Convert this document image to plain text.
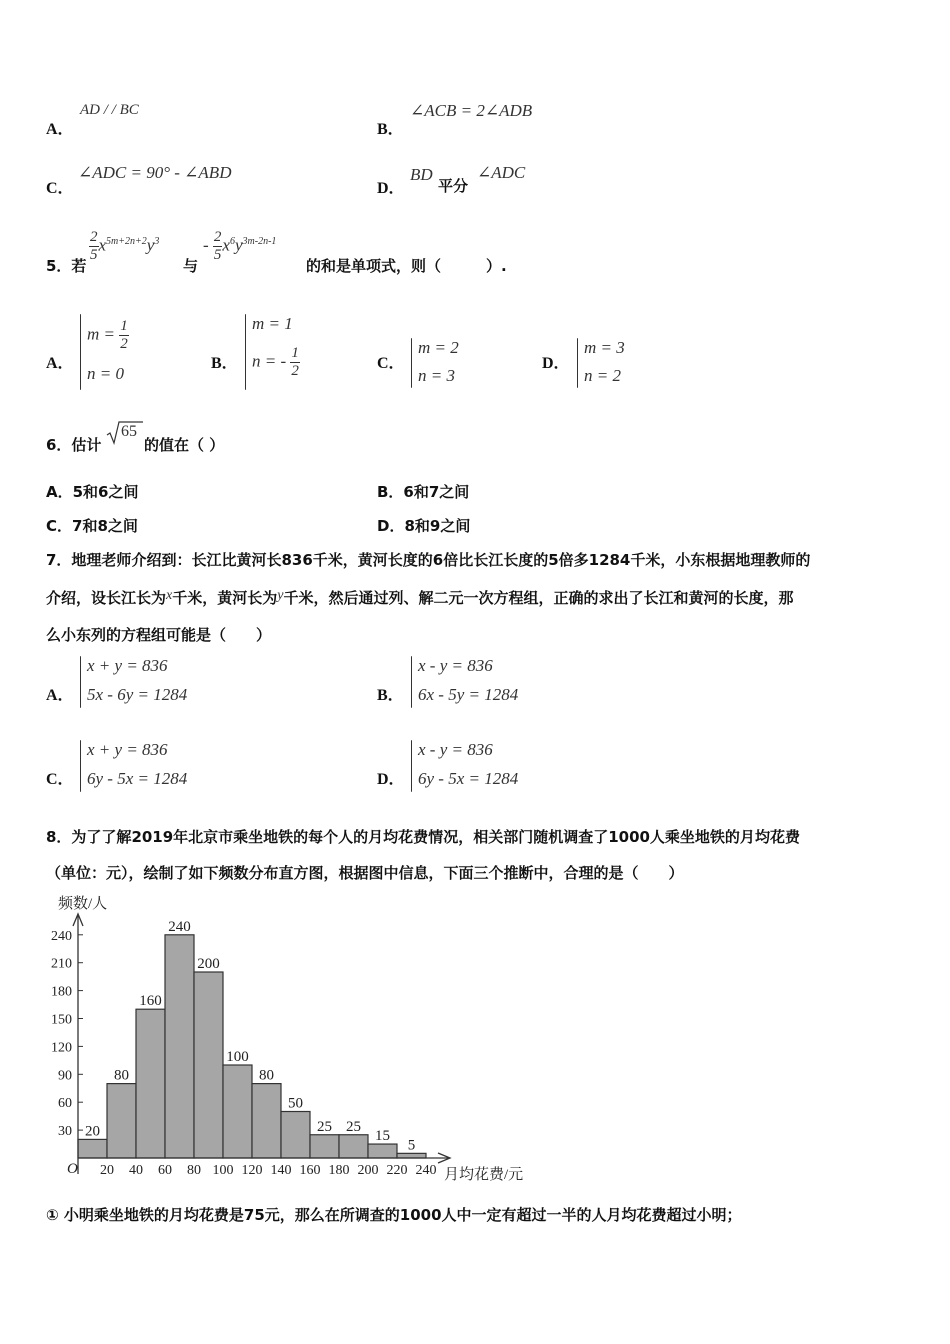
A．
AD / / BC
B．
∠ACB = 2∠ADB
C．
∠ADC = 90° - ∠ABD
D．
BD
平分
∠ADC
5．若
$\frac{2}{5} x^{5m+2n+2}y^3$
与
- $\frac{2}{5} x^6y^{3m-2n-1}$
的和是单项式，则（　　　）.
A．
$m = \frac{1}{2}$
n = 0
B．
m = 1
n = - $\frac{1}{2}$	C．
m = 2
n = 3
D．
m = 3
n = 2
6．估计
65
的值在（ ）
A．5和6之间	B．6和7之间
C．7和8之间	D．8和9之间
7．地理老师介绍到：长江比黄河长836千米，黄河长度的6倍比长江长度的5倍多1284千米，小东根据地理教师的
介绍，设长江长为x千米，黄河长为y千米，然后通过列、解二元一次方程组，正确的求出了长江和黄河的长度，那
么小东列的方程组可能是（　　）
A．
x + y = 836
5x - 6y = 1284	B．
x - y = 836
6x - 5y = 1284
C．
x + y = 836
6y - 5x = 1284	D．
x - y = 836
6y - 5x = 1284
8．为了了解2019年北京市乘坐地铁的每个人的月均花费情况，相关部门随机调查了1000人乘坐地铁的月均花费
（单位：元），绘制了如下频数分布直方图，根据图中信息，下面三个推断中，合理的是（　　）
频数/人
月均花费/元
O
30
60
90
120
150
180
210
240
20 40 60 80 100 120 140 160 180 200 220 240
20
80
160
240
200
100
80
50
25 25
15
5
① 小明乘坐地铁的月均花费是75元，那么在所调查的1000人中一定有超过一半的人月均花费超过小明；
